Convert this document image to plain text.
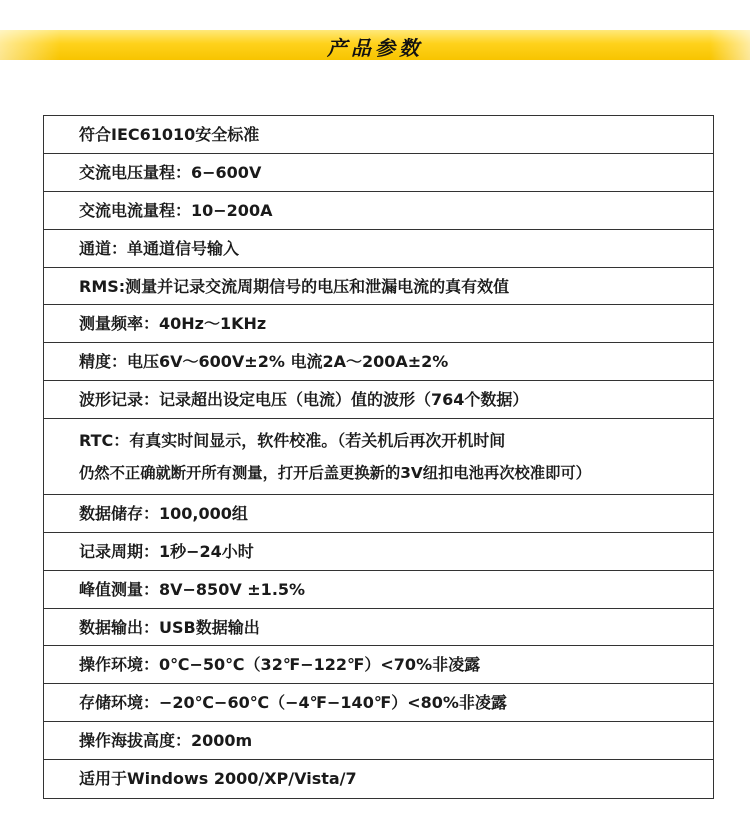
产品参数
符合IEC61010安全标准
交流电压量程：6−600V
交流电流量程：10−200A
通道：单通道信号输入
RMS:测量并记录交流周期信号的电压和泄漏电流的真有效值
测量频率：40Hz～1KHz
精度：电压6V～600V±2% 电流2A～200A±2%
波形记录：记录超出设定电压（电流）值的波形（764个数据）
RTC：有真实时间显示，软件校准。（若关机后再次开机时间
仍然不正确就断开所有测量，打开后盖更换新的3V纽扣电池再次校准即可）
数据储存：100,000组
记录周期：1秒−24小时
峰值测量：8V−850V ±1.5%
数据输出：USB数据输出
操作环境：0℃−50℃（32℉−122℉）<70%非凌露
存储环境：−20℃−60℃（−4℉−140℉）<80%非凌露
操作海拔高度：2000m
适用于Windows 2000/XP/Vista/7
